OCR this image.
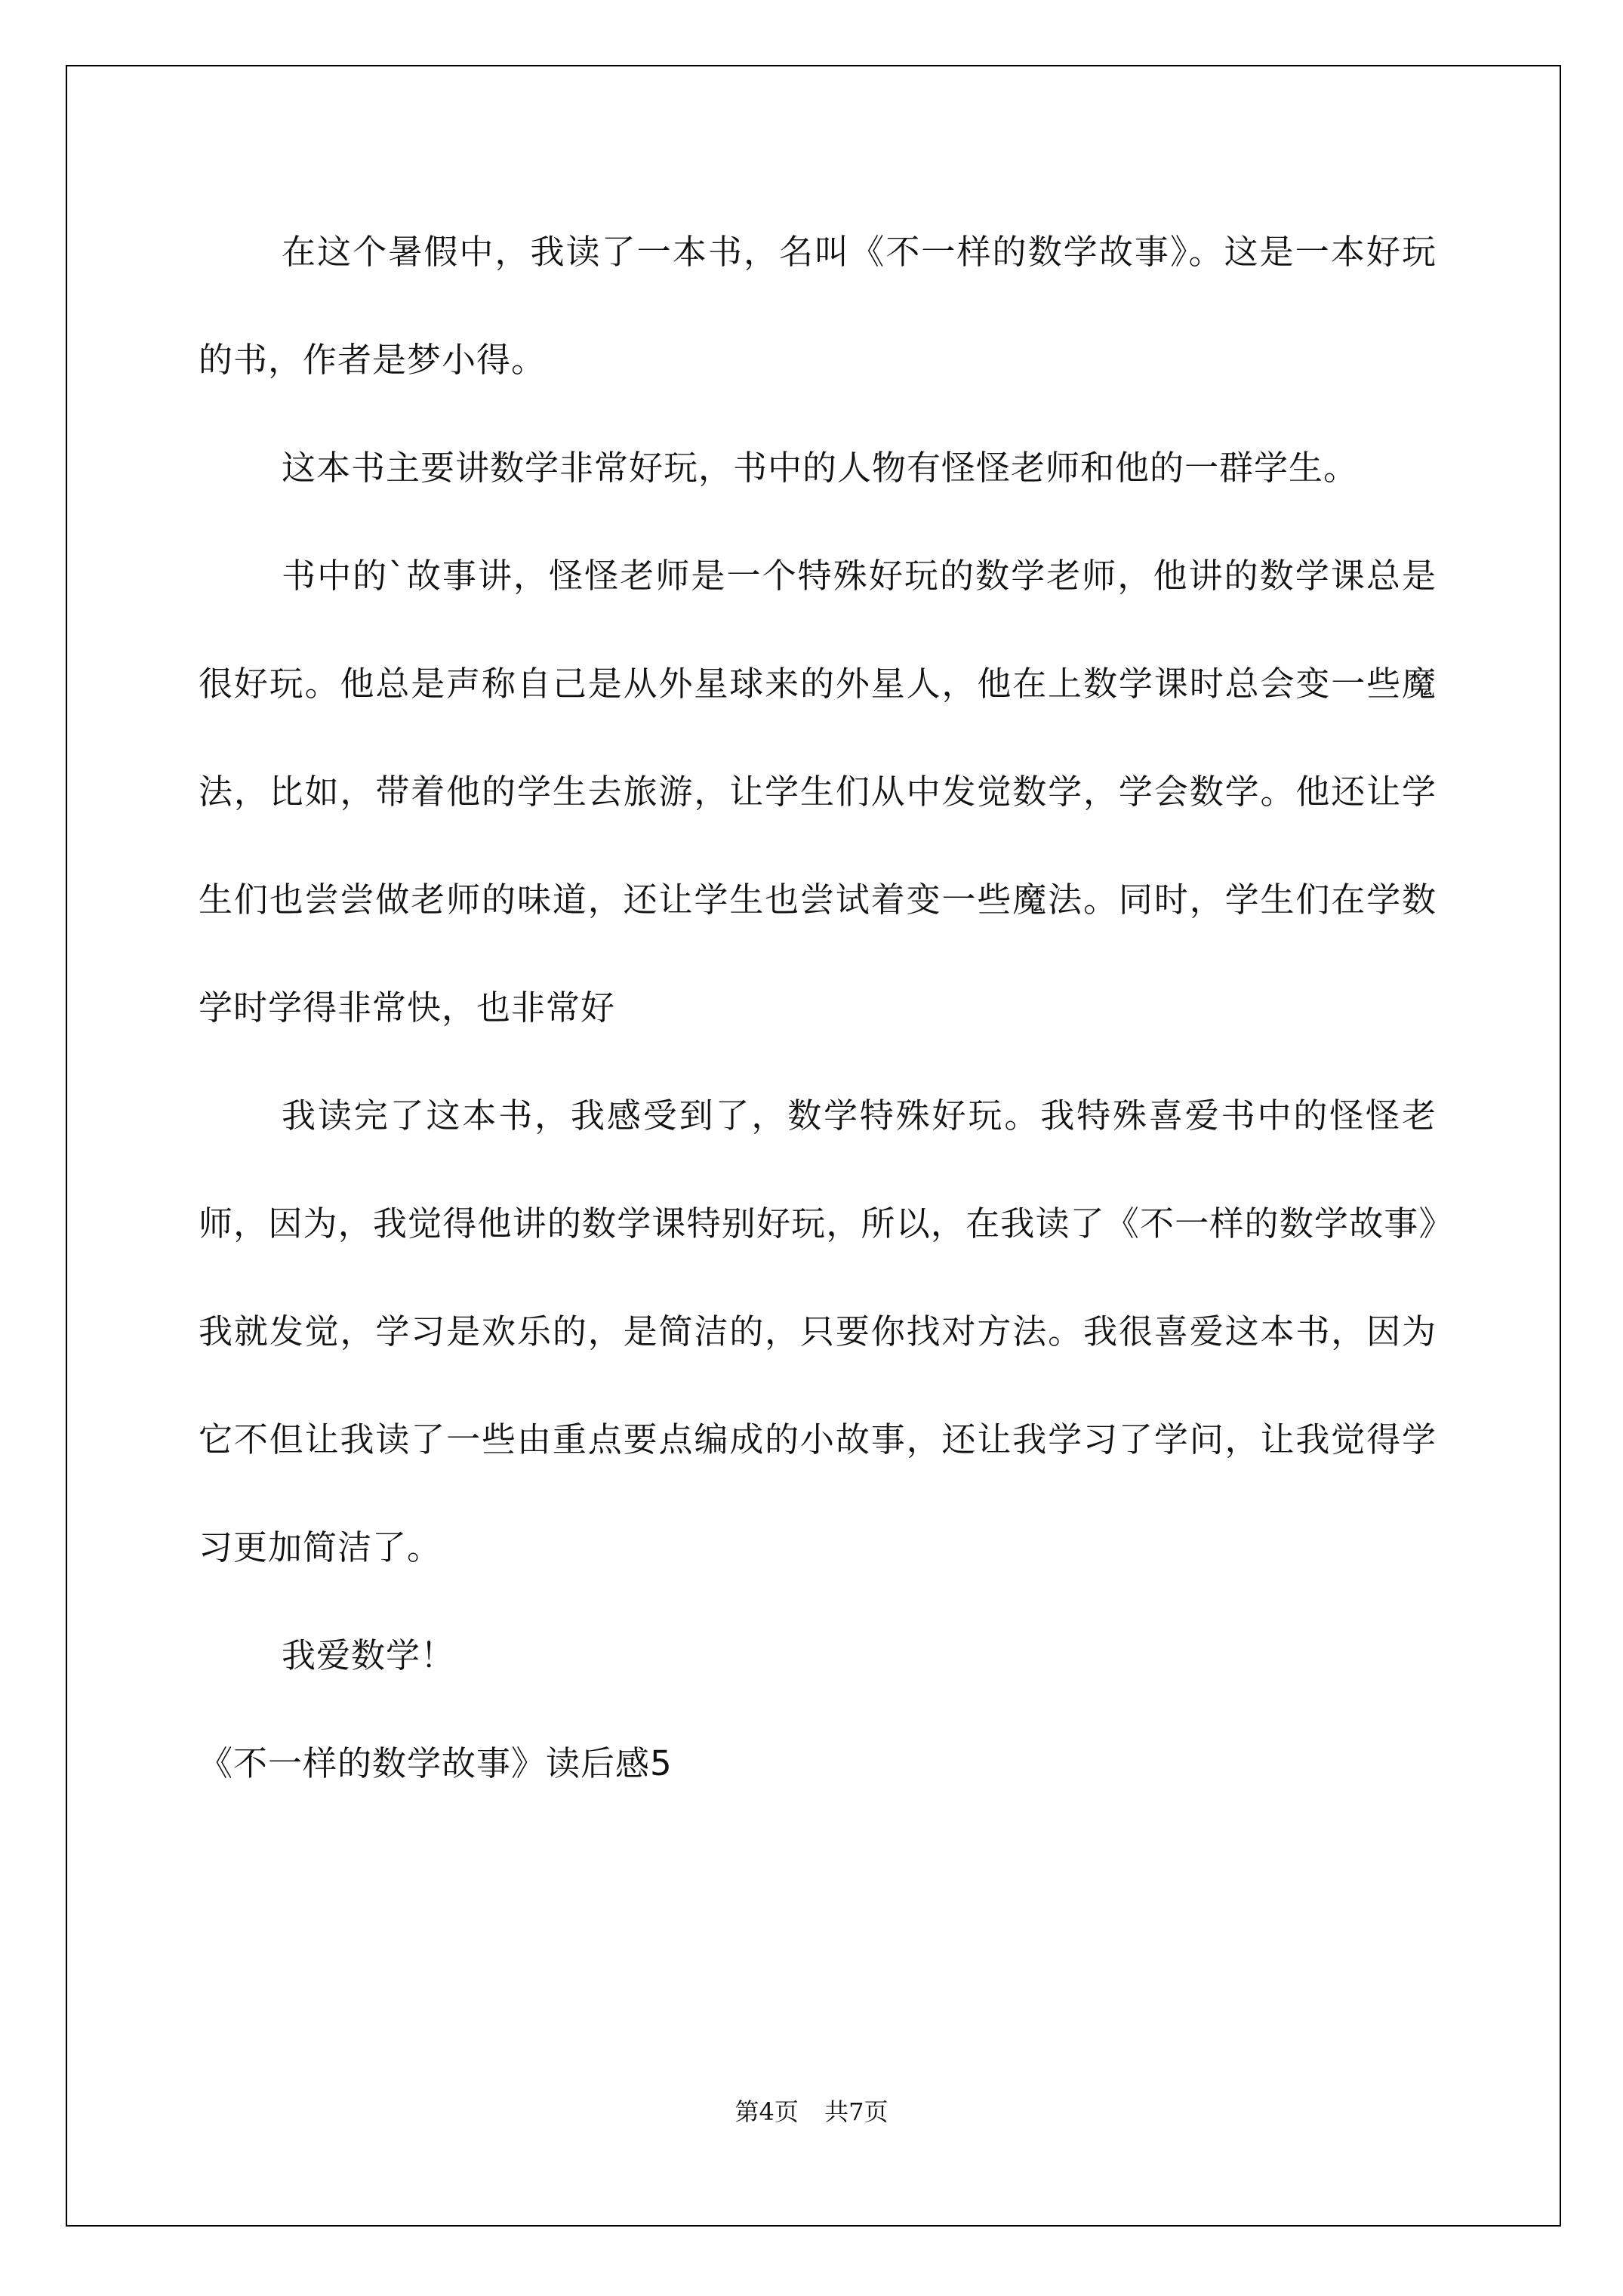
在这个暑假中，我读了一本书，名叫《不一样的数学故事》。这是一本好玩的书，作者是梦小得。

这本书主要讲数学非常好玩，书中的人物有怪怪老师和他的一群学生。

书中的`故事讲，怪怪老师是一个特殊好玩的数学老师，他讲的数学课总是很好玩。他总是声称自己是从外星球来的外星人，他在上数学课时总会变一些魔法，比如，带着他的学生去旅游，让学生们从中发觉数学，学会数学。他还让学生们也尝尝做老师的味道，还让学生也尝试着变一些魔法。同时，学生们在学数学时学得非常快，也非常好

我读完了这本书，我感受到了，数学特殊好玩。我特殊喜爱书中的怪怪老师，因为，我觉得他讲的数学课特别好玩，所以，在我读了《不一样的数学故事》我就发觉，学习是欢乐的，是简洁的，只要你找对方法。我很喜爱这本书，因为它不但让我读了一些由重点要点编成的小故事，还让我学习了学问，让我觉得学习更加简洁了。

我爱数学！

《不一样的数学故事》读后感5

第4页 共7页
